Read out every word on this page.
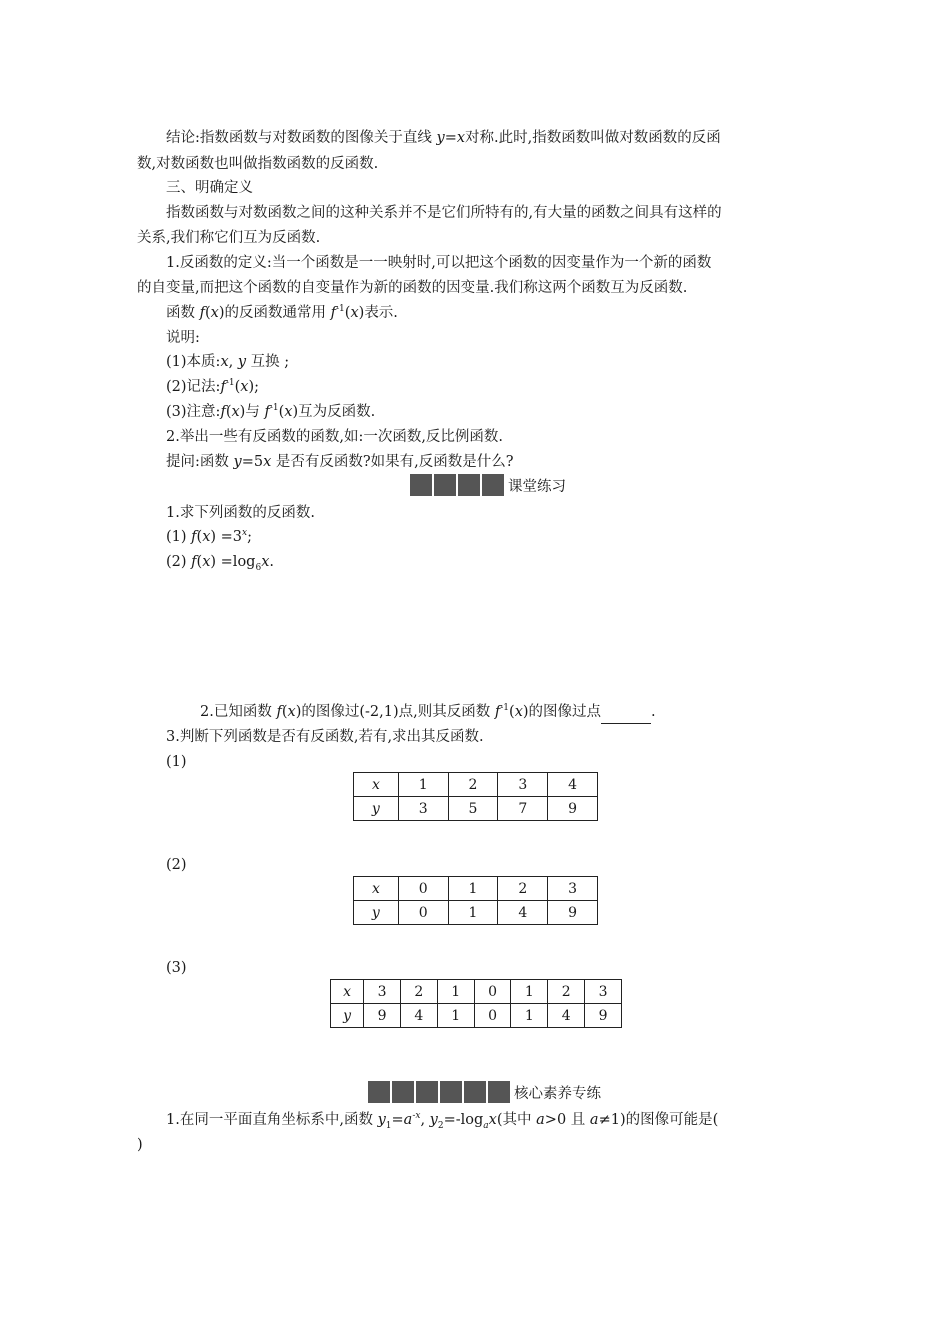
结论:指数函数与对数函数的图像关于直线 y=x对称.此时,指数函数叫做对数函数的反函
数,对数函数也叫做指数函数的反函数.
三、明确定义
指数函数与对数函数之间的这种关系并不是它们所特有的,有大量的函数之间具有这样的
关系,我们称它们互为反函数.
1.反函数的定义:当一个函数是一一映射时,可以把这个函数的因变量作为一个新的函数
的自变量,而把这个函数的自变量作为新的函数的因变量.我们称这两个函数互为反函数.
函数 f(x)的反函数通常用 $f^{-1}(x)$表示.
说明:
(1)本质:x, y 互换 ;
(2)记法$:f^{-1}(x)$;
(3)注意:f(x)与 $f^{-1}(x)$互为反函数.
2.举出一些有反函数的函数,如:一次函数,反比例函数.
提问:函数 y=5x 是否有反函数?如果有,反函数是什么?
课堂练习
1.求下列函数的反函数.
(1) $f(x) =3^x$;
(2) $f(x) =\log_6x$.
2.已知函数 f(x)的图像过(-2,1)点,则其反函数 $f^{-1}(x)$的图像过点	.
3.判断下列函数是否有反函数,若有,求出其反函数.
(1)
x	1	2	3	4
y	3	5	7	9
(2)
x	0	1	2	3
y	0	1	4	9
(3)
x	3	2	1	0	1	2	3
y	9	4	1	0	1	4	9
核心素养专练
1.在同一平面直角坐标系中,函数 $y_1=a^{-x}$, $y_2=-\log_ax$(其中 a>0 且 a≠1)的图像可能是(
)
